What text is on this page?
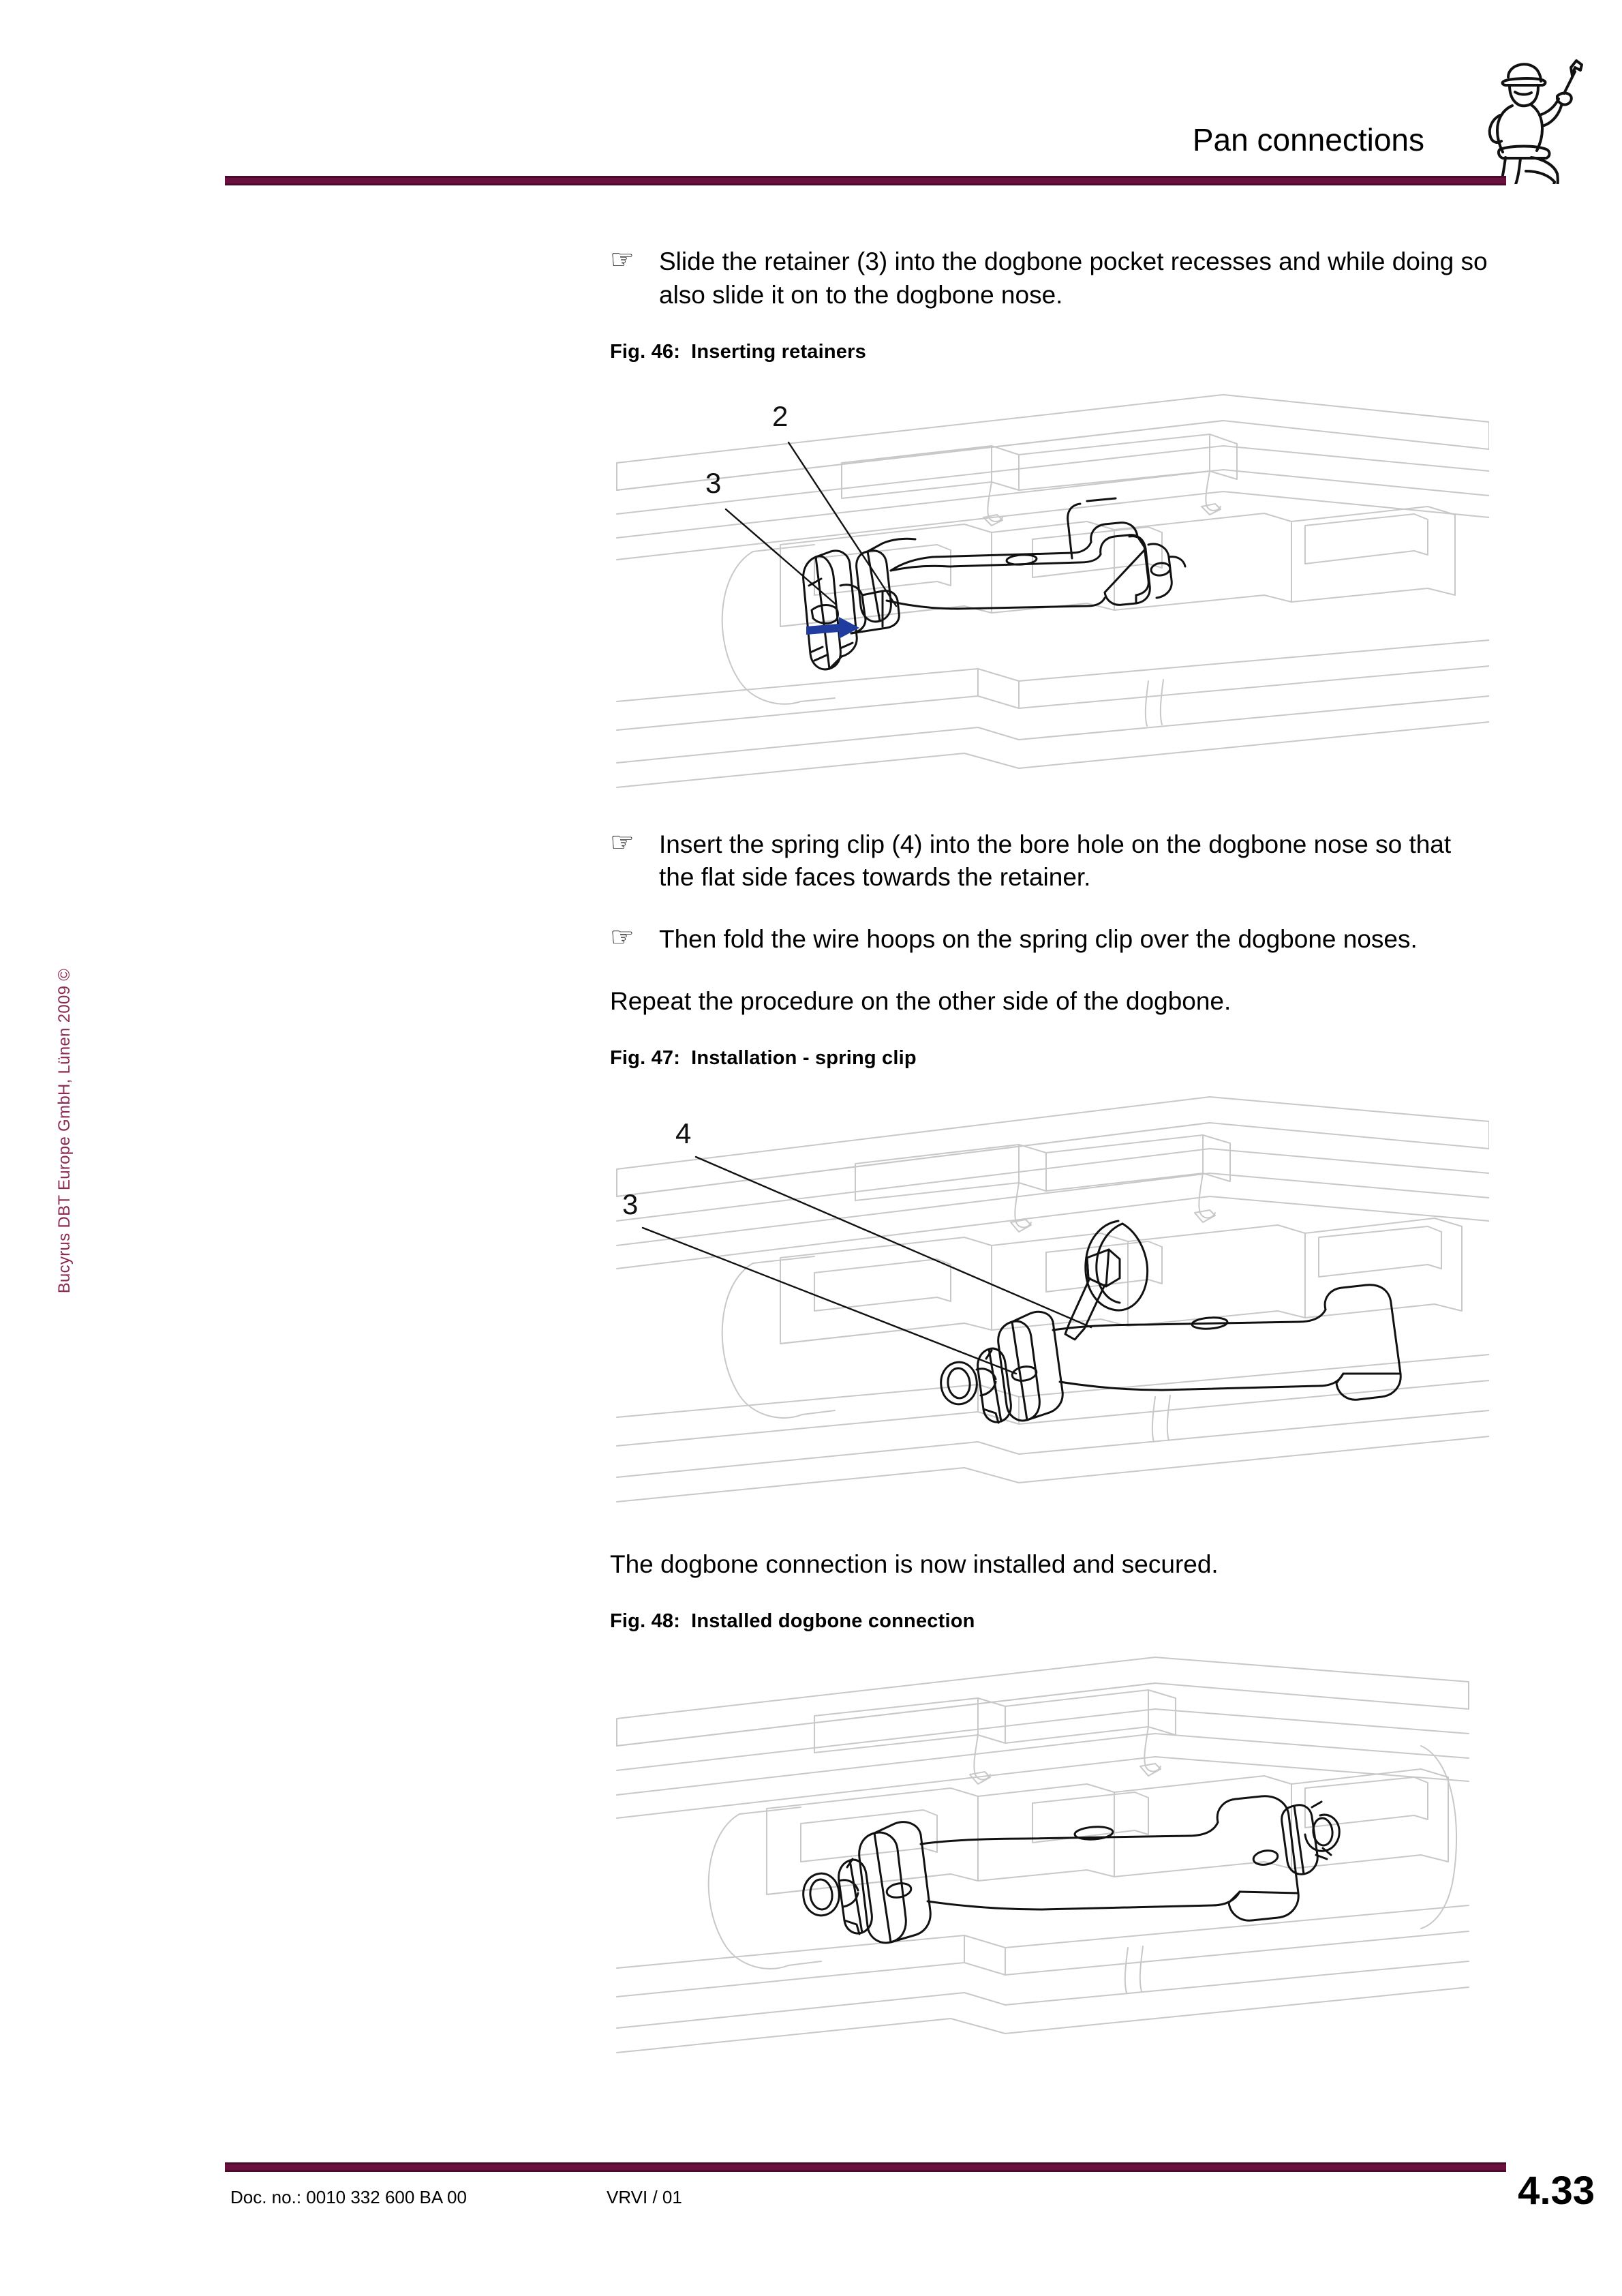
Pan connections
Bucyrus DBT Europe GmbH, Lünen 2009 ©
☞ Slide the retainer (3) into the dogbone pocket recesses and while doing so also slide it on to the dogbone nose.
Fig. 46: Inserting retainers
2
3
☞ Insert the spring clip (4) into the bore hole on the dogbone nose so that the flat side faces towards the retainer.
☞ Then fold the wire hoops on the spring clip over the dogbone noses.

Repeat the procedure on the other side of the dogbone.

Fig. 47: Installation - spring clip
4
3

The dogbone connection is now installed and secured.

Fig. 48: Installed dogbone connection
Doc. no.: 0010 332 600 BA 00	VRVI / 01	4.33
